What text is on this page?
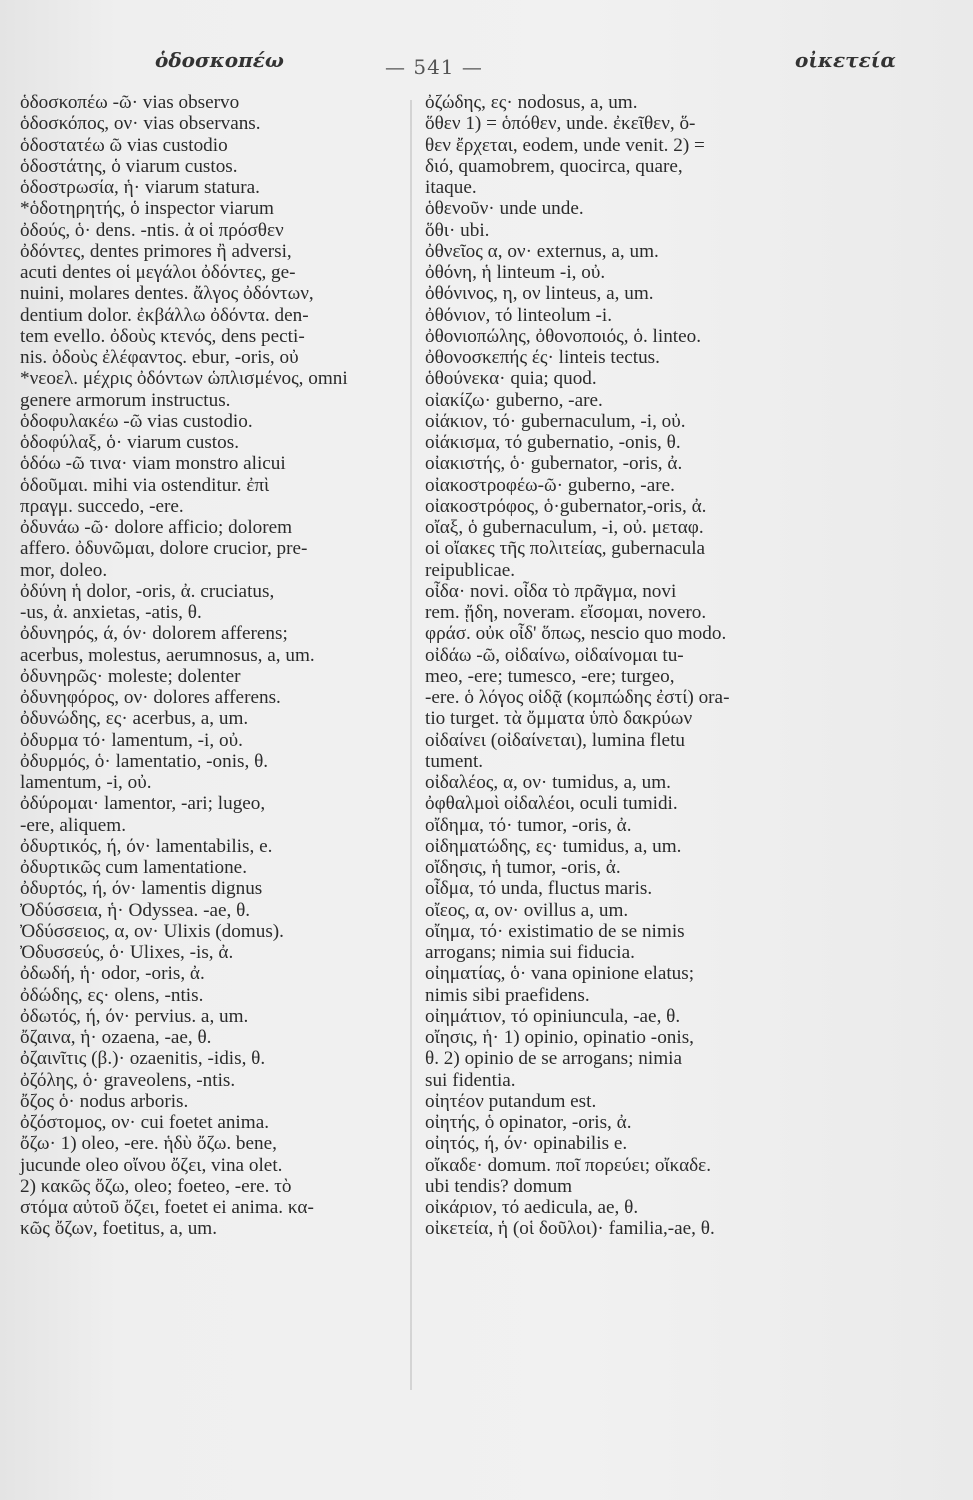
ὁδοσκοπέω	— 541 —	οἰκετεία
ὁδοσκοπέω -ῶ· vias observo
ὁδοσκόπος, ον· vias observans.
ὁδοστατέω ῶ vias custodio
ὁδοστάτης, ὁ viarum custos.
ὁδοστρωσία, ἡ· viarum statura.
*ὁδοτηρητής, ὁ inspector viarum
ὀδούς, ὁ· dens. -ntis. ἀ οἱ πρόσθεν
ὀδόντες, dentes primores ἢ adversi,
acuti dentes οἱ μεγάλοι ὀδόντες, ge-
nuini, molares dentes. ἄλγος ὀδόντων,
dentium dolor. ἐκβάλλω ὀδόντα. den-
tem evello. ὀδοὺς κτενός, dens pecti-
nis. ὀδοὺς ἐλέφαντος. ebur, -oris, οὐ
*νεοελ. μέχρις ὀδόντων ὡπλισμένος, omni
genere armorum instructus.
ὁδοφυλακέω -ῶ vias custodio.
ὁδοφύλαξ, ὁ· viarum custos.
ὁδόω -ῶ τινα· viam monstro alicui
ὁδοῦμαι. mihi via ostenditur. ἐπὶ
πραγμ. succedo, -ere.
ὀδυνάω -ῶ· dolore afficio; dolorem
affero. ὀδυνῶμαι, dolore crucior, pre-
mor, doleo.
ὀδύνη ἡ dolor, -oris, ἀ. cruciatus,
-us, ἀ. anxietas, -atis, θ.
ὀδυνηρός, ά, όν· dolorem afferens;
acerbus, molestus, aerumnosus, a, um.
ὀδυνηρῶς· moleste; dolenter
ὀδυνηφόρος, ον· dolores afferens.
ὀδυνώδης, ες· acerbus, a, um.
ὀδυρμα τό· lamentum, -i, οὐ.
ὀδυρμός, ὁ· lamentatio, -onis, θ.
lamentum, -i, οὐ.
ὀδύρομαι· lamentor, -ari; lugeo,
-ere, aliquem.
ὀδυρτικός, ή, όν· lamentabilis, e.
ὀδυρτικῶς cum lamentatione.
ὀδυρτός, ή, όν· lamentis dignus
Ὀδύσσεια, ἡ· Odyssea. -ae, θ.
Ὀδύσσειος, α, ον· Ulixis (domus).
Ὀδυσσεύς, ὁ· Ulixes, -is, ἀ.
ὀδωδή, ἡ· odor, -oris, ἀ.
ὀδώδης, ες· olens, -ntis.
ὀδωτός, ή, όν· pervius. a, um.
ὄζαινα, ἡ· ozaena, -ae, θ.
ὀζαινῖτις (β.)· ozaenitis, -idis, θ.
ὀζόλης, ὁ· graveolens, -ntis.
ὄζος ὁ· nodus arboris.
ὀζόστομος, ον· cui foetet anima.
ὄζω· 1) oleo, -ere. ἡδὺ ὄζω. bene,
jucunde oleo οἴνου ὄζει, vina olet.
2) κακῶς ὄζω, oleo; foeteo, -ere. τὸ
στόμα αὐτοῦ ὄζει, foetet ei anima. κα-
κῶς ὄζων, foetitus, a, um.
ὀζώδης, ες· nodosus, a, um.
ὅθεν 1) = ὁπόθεν, unde. ἐκεῖθεν, ὅ-
θεν ἔρχεται, eodem, unde venit. 2) =
διό, quamobrem, quocirca, quare,
itaque.
ὁθενοῦν· unde unde.
ὅθι· ubi.
ὀθνεῖος α, ον· externus, a, um.
ὀθόνη, ἡ linteum -i, οὐ.
ὀθόνινος, η, ον linteus, a, um.
ὀθόνιον, τό linteolum -i.
ὀθονιοπώλης, ὀθονοποιός, ὁ. linteo.
ὀθονοσκεπής ές· linteis tectus.
ὁθούνεκα· quia; quod.
οἰακίζω· guberno, -are.
οἰάκιον, τό· gubernaculum, -i, οὐ.
οἰάκισμα, τό gubernatio, -onis, θ.
οἰακιστής, ὁ· gubernator, -oris, ἀ.
οἰακοστροφέω-ῶ· guberno, -are.
οἰακοστρόφος, ὁ·gubernator,-oris, ἀ.
οἴαξ, ὁ gubernaculum, -i, οὐ. μεταφ.
οἱ οἴακες τῆς πολιτείας, gubernacula
reipublicae.
οἶδα· novi. οἶδα τὸ πρᾶγμα, novi
rem. ᾔδη, noveram. εἴσομαι, novero.
φράσ. οὐκ οἶδ' ὅπως, nescio quo modo.
οἰδάω -ῶ, οἰδαίνω, οἰδαίνομαι tu-
meo, -ere; tumesco, -ere; turgeo,
-ere. ὁ λόγος οἰδᾷ (κομπώδης ἐστί) ora-
tio turget. τὰ ὄμματα ὑπὸ δακρύων
οἰδαίνει (οἰδαίνεται), lumina fletu
tument.
οἰδαλέος, α, ον· tumidus, a, um.
ὀφθαλμοὶ οἰδαλέοι, oculi tumidi.
οἴδημα, τό· tumor, -oris, ἀ.
οἰδηματώδης, ες· tumidus, a, um.
οἴδησις, ἡ tumor, -oris, ἀ.
οἶδμα, τό unda, fluctus maris.
οἴεος, α, ον· ovillus a, um.
οἴημα, τό· existimatio de se nimis
arrogans; nimia sui fiducia.
οἰηματίας, ὁ· vana opinione elatus;
nimis sibi praefidens.
οἰημάτιον, τό opiniuncula, -ae, θ.
οἴησις, ἡ· 1) opinio, opinatio -onis,
θ. 2) opinio de se arrogans; nimia
sui fidentia.
οἰητέον putandum est.
οἰητής, ὁ opinator, -oris, ἀ.
οἰητός, ή, όν· opinabilis e.
οἴκαδε· domum. ποῖ πορεύει; οἴκαδε.
ubi tendis? domum
οἰκάριον, τό aedicula, ae, θ.
οἰκετεία, ἡ (οἱ δοῦλοι)· familia,-ae, θ.
